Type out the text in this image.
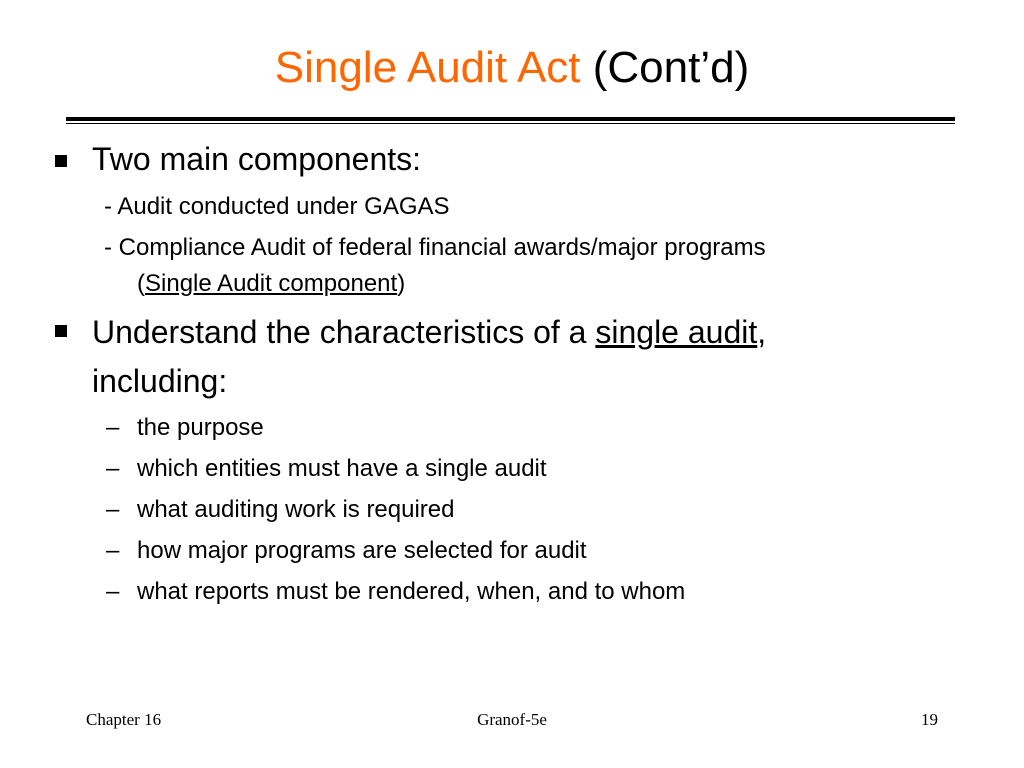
Single Audit Act (Cont’d)
Two main components:
- Audit conducted under GAGAS
- Compliance Audit of federal financial awards/major programs
(Single Audit component)
Understand the characteristics of a single audit,
including:
– the purpose
– which entities must have a single audit
– what auditing work is required
– how major programs are selected for audit
– what reports must be rendered, when, and to whom
Chapter 16	Granof-5e	19
